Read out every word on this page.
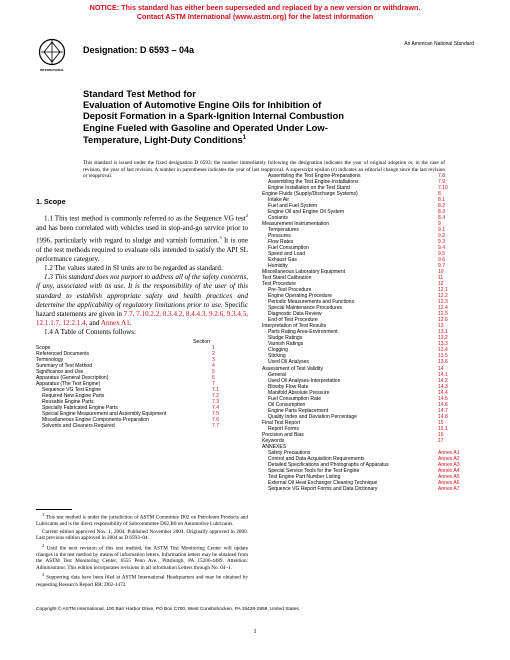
NOTICE: This standard has either been superseded and replaced by a new version or withdrawn.
Contact ASTM International (www.astm.org) for the latest information
INTERNATIONAL
Designation: D 6593 – 04a
An American National Standard
Standard Test Method for
Evaluation of Automotive Engine Oils for Inhibition of
Deposit Formation in a Spark-Ignition Internal Combustion
Engine Fueled with Gasoline and Operated Under Low-
Temperature, Light-Duty Conditions$^1$
This standard is issued under the fixed designation D 6593; the number immediately following the designation indicates the year of original adoption or, in the case of revision, the year of last revision. A number in parentheses indicates the year of last reapproval. A superscript epsilon (ε) indicates an editorial change since the last revision or reapproval.
1. Scope

1.1 This test method is commonly referred to as the Sequence VG test$^2$ and has been correlated with vehicles used in stop-and-go service prior to 1996, particularly with regard to sludge and varnish formation.$^3$ It is one of the test methods required to evaluate oils intended to satisfy the API SL performance category.

1.2 The values stated in SI units are to be regarded as standard.

1.3 This standard does not purport to address all of the safety concerns, if any, associated with its use. It is the responsibility of the user of this standard to establish appropriate safety and health practices and determine the applicability of regulatory limitations prior to use. Specific hazard statements are given in 7.7, 7.10.2.2, 8.3.4.2, 8.4.4.3, 9.2.6, 9.3.4.5, 12.1.1.7, 12.2.1.4, and Annex A1.

1.4 A Table of Contents follows:

Section
Scope	1
Referenced Documents	2
Terminology	3
Summary of Test Method	4
Significance and Use	5
Apparatus (General Description)	6
Apparatus (The Test Engine)	7
Sequence VG Test Engine	7.1
Required New Engine Parts	7.2
Reusable Engine Parts	7.3
Specially Fabricated Engine Parts	7.4
Special Engine Measurement and Assembly Equipment	7.5
Miscellaneous Engine Components-Preparation	7.6
Solvents and Cleaners Required	7.7
Assembling the Test Engine-Preparations	7.8
Assembling the Test Engine-Installations	7.9
Engine Installation on the Test Stand	7.10
Engine Fluids (Supply/Discharge Systems)	8
Intake Air	8.1
Fuel and Fuel System	8.2
Engine Oil and Engine Oil System	8.3
Coolants	8.4
Measurement Instrumentation	9
Temperatures	9.1
Pressures	9.2
Flow Rates	9.3
Fuel Consumption	9.4
Speed and Load	9.5
Exhaust Gas	9.6
Humidity	9.7
Miscellaneous Laboratory Equipment	10
Test Stand Calibration	11
Test Procedure	12
Pre-Test Procedure	12.1
Engine Operating Procedure	12.2
Periodic Measurements and Functions	12.3
Special Maintenance Procedures	12.4
Diagnostic Data Review	12.5
End of Test Procedure	12.6
Interpretation of Test Results	13
Parts Rating Area-Environment	13.1
Sludge Ratings	13.2
Varnish Ratings	13.3
Clogging	13.4
Sticking	13.5
Used Oil Analyses	13.6
Assessment of Test Validity	14
General	14.1
Used Oil Analyses-Interpretation	14.2
Blowby Flow Rate	14.3
Manifold Absolute Pressure	14.4
Fuel Consumption Rate	14.5
Oil Consumption	14.6
Engine Parts Replacement	14.7
Quality Index and Deviation Percentage	14.8
Final Test Report	15
Report Forms	15.1
Precision and Bias	16
Keywords	17
ANNEXES
Safety Precautions	Annex A1
Control and Data Acquisition Requirements	Annex A2
Detailed Specifications and Photographs of Apparatus	Annex A3
Special Service Tools for the Test Engine	Annex A4
Test Engine Part Number Listing	Annex A5
External Oil Heat Exchanger Cleaning Technique	Annex A6
Sequence VG Report Forms and Data Dictionary	Annex A7

$^1$ This test method is under the jurisdiction of ASTM Committee D02 on Petroleum Products and Lubricants and is the direct responsibility of Subcommittee D02.B0 on Automotive Lubricants.

Current edition approved Nov. 1, 2004. Published November 2004. Originally approved in 2000. Last previous edition approved in 2004 as D 6593–04.

$^2$ Until the next revision of this test method, the ASTM Test Monitoring Center will update changes in the test method by means of information letters. Information letters may be obtained from the ASTM Test Monitoring Center, 6555 Penn Ave., Pittsburgh, PA 15206-4489. Attention: Administrator. This edition incorporates revisions in all information Letters through No. 04–1.

$^3$ Supporting data have been filed at ASTM International Headquarters and may be obtained by requesting Research Report RR: D02-1472.

Copyright © ASTM International, 100 Barr Harbor Drive, PO Box C700, West Conshohocken, PA 19428-2959, United States.
1
